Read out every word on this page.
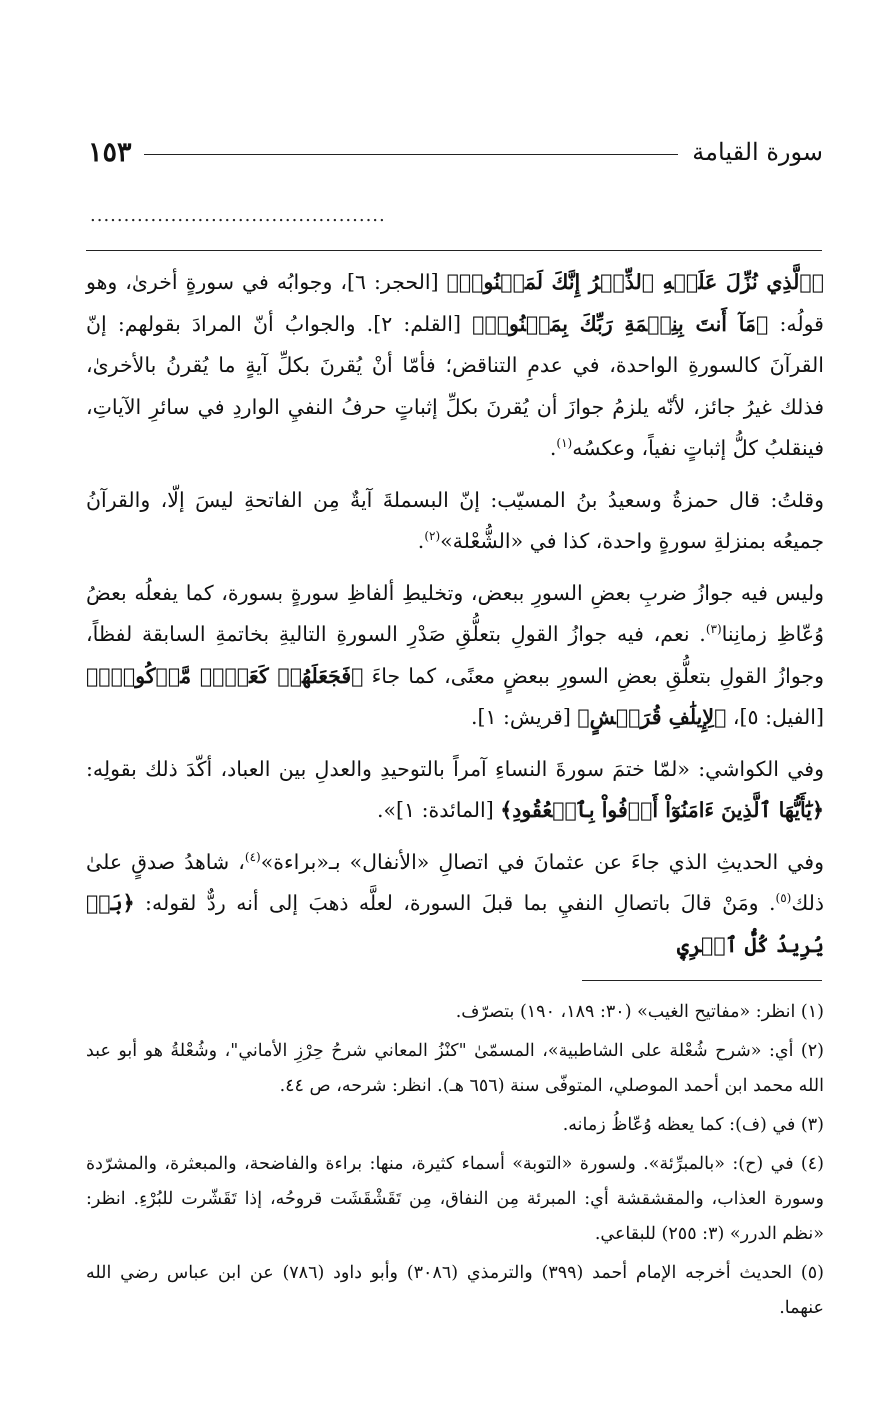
سورة القيامة
١٥٣
............................................

﴿ٱلَّذِي نُزِّلَ عَلَيۡهِ ٱلذِّكۡرُ إِنَّكَ لَمَجۡنُونٞ﴾ [الحجر: ٦]، وجوابُه في سورةٍ أخرىٰ، وهو قولُه: ﴿مَآ أَنتَ بِنِعۡمَةِ رَبِّكَ بِمَجۡنُونٖ﴾ [القلم: ٢]. والجوابُ أنّ المرادَ بقولهم: إنّ القرآنَ كالسورةِ الواحدة، في عدمِ التناقض؛ فأمّا أنْ يُقرنَ بكلِّ آيةٍ ما يُقرنُ بالأخرىٰ، فذلك غيرُ جائز، لأنّه يلزمُ جوازَ أن يُقرنَ بكلِّ إثباتٍ حرفُ النفيِ الواردِ في سائرِ الآياتِ، فينقلبُ كلُّ إثباتٍ نفياً، وعكسُه$^{(١)}$.

وقلتُ: قال حمزةُ وسعيدُ بنُ المسيّب: إنّ البسملةَ آيةٌ مِن الفاتحةِ ليسَ إلّا، والقرآنُ جميعُه بمنزلةِ سورةٍ واحدة، كذا في «الشُّعْلة»$^{(٢)}$.

وليس فيه جوازُ ضربِ بعضِ السورِ ببعض، وتخليطِ ألفاظِ سورةٍ بسورة، كما يفعلُه بعضُ وُعّاظِ زمانِنا$^{(٣)}$. نعم، فيه جوازُ القولِ بتعلُّقِ صَدْرِ السورةِ التاليةِ بخاتمةِ السابقة لفظاً، وجوازُ القولِ بتعلُّقِ بعضِ السورِ ببعضٍ معنًى، كما جاءَ ﴿فَجَعَلَهُمۡ كَعَصۡفٖ مَّأۡكُولِۭ﴾ [الفيل: ٥]، ﴿لِإِيلَٰفِ قُرَيۡشٍ﴾ [قريش: ١].

وفي الكواشي: «لمّا ختمَ سورةَ النساءِ آمراً بالتوحيدِ والعدلِ بين العباد، أكّدَ ذلك بقولِه: ﴿يَٰٓأَيُّهَا ٱلَّذِينَ ءَامَنُوٓاْ أَوۡفُواْ بِٱلۡعُقُودِ﴾ [المائدة: ١]».

وفي الحديثِ الذي جاءَ عن عثمانَ في اتصالِ «الأنفال» بـ«براءة»$^{(٤)}$، شاهدُ صدقٍ علىٰ ذلك$^{(٥)}$. ومَنْ قالَ باتصالِ النفيِ بما قبلَ السورة، لعلَّه ذهبَ إلى أنه ردٌّ لقوله: ﴿بَلۡ يُرِيدُ كُلُّ ٱمۡرِيٕٖ

(١) انظر: «مفاتيح الغيب» (٣٠: ١٨٩، ١٩٠) بتصرّف.

(٢) أي: «شرح شُعْلة على الشاطبية»، المسمّىٰ "كنْزُ المعاني شرحُ حِرْزِ الأماني"، وشُعْلةُ هو أبو عبد الله محمد ابن أحمد الموصلي، المتوفّى سنة (٦٥٦ هـ). انظر: شرحه، ص ٤٤.

(٣) في (ف): كما يعظه وُعّاظُ زمانه.

(٤) في (ح): «بالمبرِّئة». ولسورة «التوبة» أسماء كثيرة، منها: براءة والفاضحة، والمبعثرة، والمشرّدة وسورة العذاب، والمقشقشة أي: المبرئة مِن النفاق، مِن تَقَشْقَشَت قروحُه، إذا تَقَشّرت للبُرْءِ. انظر: «نظم الدرر» (٣: ٢٥٥) للبقاعي.

(٥) الحديث أخرجه الإمام أحمد (٣٩٩) والترمذي (٣٠٨٦) وأبو داود (٧٨٦) عن ابن عباس رضي الله عنهما.
